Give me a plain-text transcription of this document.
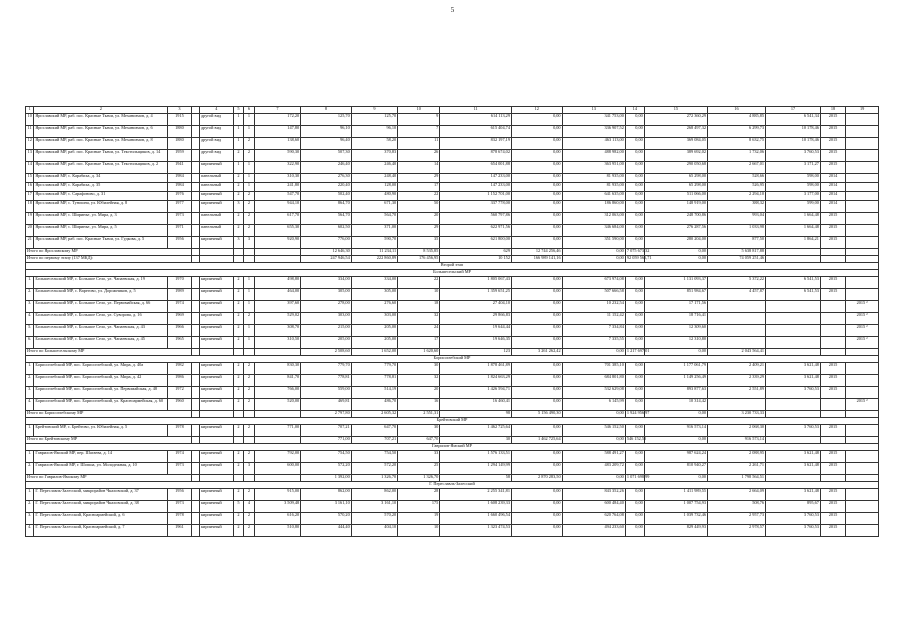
5
1	2	3		4	5	6	7	8	9	10	11	12	13	14	15	16	17	18	19
10	Ярославский МР, раб. пос. Красные Ткачи, ул. Механизмов, д. 4	1915		другой вид	1	1	172,20	125,70	125,70	9	614 113,29	0,00	341 753,00	0,00	272 360,29	4 885,85	6 541,34	2015	
11	Ярославский МР, раб. пос. Красные Ткачи, ул. Механизмов, д. 6	1880		другой вид	1	1	147,80	96,10	96,10	7	615 404,74	0,00	336 907,52	0,00	268 497,32	6 299,73	10 178,46	2015	
12	Ярославский МР, раб. пос. Красные Ткачи, ул. Механизмов, д. 8	1880		другой вид	1	2	138,60	96,40	58,20	11	832 197,19	0,00	463 113,00	0,00	369 084,05	8 632,75	10 178,46	2015	
13	Ярославский МР, раб. пос. Красные Ткачи, ул. Текстильщиков, д. 14	1959		другой вид	2	2	590,30	507,30	370,83	26	878 674,02	0,00	488 982,00	0,00	389 692,02	1 732,06	3 760,53	2015	
14	Ярославский МР, раб. пос. Красные Ткачи, ул. Текстильщиков, д. 2	1941		кирпичный	1	1	322,90	246,40	246,40	14	654 001,88	0,00	363 951,00	0,00	290 050,68	2 667,01	3 171,27	2015	
15	Ярославский МР, с. Карабиха, д. 34	1984		панельный	2	1	310,30	276,30	248,40	29	147 233,00	0,00	81 935,00	0,00	65 298,00	528,66	598,00	2014	
16	Ярославский МР, с. Карабиха, д. 35	1984		панельный	2	1	241,80	220,40	128,00	17	147 233,00	0,00	81 935,00	0,00	65 298,00	526,95	598,00	2014	
17	Ярославский МР, с. Сарафоново, д. 31	1976		кирпичный	2	2	547,70	502,40	480,90	22	1 152 701,00	0,00	641 635,00	0,00	511 066,00	2 294,10	3 177,00	2014	
18	Ярославский МР, с. Туношна, ул. Юбилейная, д. 8	1977		кирпичный	3	2	944,10	864,70	671,30	50	337 778,00	0,00	186 860,00	0,00	148 919,00	388,32	599,00	2014	
19	Ярославский МР, с. Ширинье, ул. Мира, д. 3	1973		панельный	2	2	617,70	564,70	564,70	20	560 797,86	0,00	312 063,00	0,00	248 700,86	993,04	1 664,48	2015	
20	Ярославский МР, с. Ширинье, ул. Мира, д. 5	1971		панельный	2	2	655,30	602,50	371,00	29	622 971,56	0,00	346 684,00	0,00	276 287,56	1 033,98	1 664,48	2015	
21	Ярославский МР, раб. пос. Красные Ткачи, ул. Гудкова, д. 5	1956		кирпичный	3	3	920,90	776,00	590,70	35	621 800,00	0,00	351 590,00	0,00	280 204,00	877,50	1 864,21	2015	
Итого по Ярославскому МР								12 646,30	11 234,11	8 535,85	629	12 744 256,46	0,00	7 075 673,32	0,00	5 638 817,88			
Итого по первому этапу (137 МКД):								247 946,54	222 860,89	176 456,95	10 152	166 989 141,16	0,00	92 059 565,71	0,00	74 059 251,46			
Второй этап																			
Большесельский МР																			
1.	Большесельский МР, с. Большое Село, ул. Чапаевская, д. 19	1970		кирпичный	2	1	498,80	334,00	334,00	22	1 805 067,43	0,00	673 974,08	0,00	1 131 093,37	5 372,22	6 541,53	2015	
2.	Большесельский МР, с. Варегово, ул. Дорожников, д. 5	1989		кирпичный	2	1	464,00	305,00	305,00	10	1 359 651,25	0,00	507 666,58	0,00	851 984,67	4 457,87	6 541,53	2015	
3.	Большесельский МР, с. Большое Село, ул. Первомайская, д. 66	1974		кирпичный	2	1	397,60	278,00	276,60	18	27 404,10	0,00	10 232,54	0,00	17 171,56				2015 ²
4.	Большесельский МР, с. Большое Село, ул. Суворова, д. 16	1969		кирпичный	2	2	529,02	303,00	303,00	32	29 866,83	0,00	11 152,42	0,00	18 716,41				2015 ²
5.	Большесельский МР, с. Большое Село, ул. Чапаевская, д. 43	1966		кирпичный	2	1	308,70	215,00	205,00	24	19 644,44	0,00	7 334,84	0,00	12 309,60				2015 ²
6.	Большесельский МР, с. Большое Село, ул. Чапаевская, д. 45	1965		кирпичный	2	1	310,50	205,00	205,00	17	19 646,35	0,00	7 335,55	0,00	12 310,80				2015 ²
Итого по Большесельскому МР								2 508,60	1 652,00	1 620,60	123	3 261 262,42	0,00	1 217 697,01	0,00	2 043 564,41			
Борисоглебский МР																			
1.	Борисоглебский МР, пос. Борисоглебский, ул. Мира, д. 40а	1982		кирпичный	2	2	830,30	779,70	779,70	30	1 878 461,89	0,00	701 385,10	0,00	1 177 061,79	2 409,21	3 621,48	2015	
2.	Борисоглебский МР, пос. Борисоглебский, ул. Мира, д. 42	1986		кирпичный	2	2	841,70	778,81	778,81	32	1 824 663,29	0,00	684 801,80	0,00	1 149 256,49	2 339,29	3 621,48	2015	
3.	Борисоглебский МР, пос. Борисоглебский, ул. Первомайская, д. 48	1972		кирпичный	2	2	766,00	559,00	514,19	20	1 426 594,71	0,00	532 629,08	0,00	893 877,63	2 551,89	3 760,53	2015	
4.	Борисоглебский МР, пос. Борисоглебский, ул. Красноармейская, д. 60	1960		кирпичный	2	2	520,00	469,81	486,70	16	16 460,41	0,00	6 145,99	0,00	10 314,42				2015 ²
Итого по Борисоглебскому МР								2 797,80	2 605,32	2 551,31	98	5 156 490,30	0,00	1 924 956,97	0,00	3 230 733,33			
Брейтовский МР																			
1.	Брейтовский МР, с. Брейтово, ул. Юбилейная, д. 5	1978		кирпичный	2	2	771,00	707,21	647,70	30	1 462 725,64	0,00	546 152,50	0,00	916 573,14	2 068,30	3 760,53	2015	
Итого по Брейтовскому МР								771,00	707,21	647,70	30	1 462 725,64	0,00	546 152,50	0,00	916 573,14			
Гаврилов-Ямский МР																			
1.	Гаврилов-Ямский МР, пер. Шагаева, д. 14	1974		кирпичный	2	2	792,00	754,50	754,50	33	1 576 133,51	0,00	588 491,27	0,00	987 624,24	2 088,95	3 621,48	2015	
2.	Гаврилов-Ямский МР, г. Шопша, ул. Молодежная, д. 10	1973		кирпичный	2	3	600,00	572,20	572,20	25	1 294 149,99	0,00	483 209,72	0,00	810 940,27	2 261,71	3 621,48	2015	
Итого по Гаврилов-Ямскому МР								1 392,00	1 326,70	1 326,70	58	2 870 283,50	0,00	1 071 698,99	0,00	1 798 564,51			
Г. Переславль-Залесский																			
1.	Г. Переславль-Залесский, микрорайон Чкаловский, д. 37	1956		кирпичный	2	2	915,00	862,00	862,00	28	2 255 341,81	0,00	843 352,26	0,00	1 411 989,55	2 664,09	3 621,48	2015	
2.	Г. Переславль-Залесский, микрорайон Чкаловский, д. 38	1973		кирпичный	5	4	3 509,48	3 161,10	3 161,10	175	1 608 239,33	0,00	600 484,40	0,00	1 007 754,93	508,76	895,67	2015	
3.	Г. Переславль-Залесский, Красноармейский, д. 6	1978		кирпичный	2	2	616,20	570,20	570,20	19	1 660 496,54	0,00	620 764,08	0,00	1 039 732,46	2 957,73	3 760,53	2015	
4.	Г. Переславль-Залесский, Красноармейский, д. 7	1961		кирпичный	2	2	510,80	444,40	404,10	10	1 323 474,53	0,00	494 233,60	0,00	829 449,93	2 978,57	3 760,53	2015	
